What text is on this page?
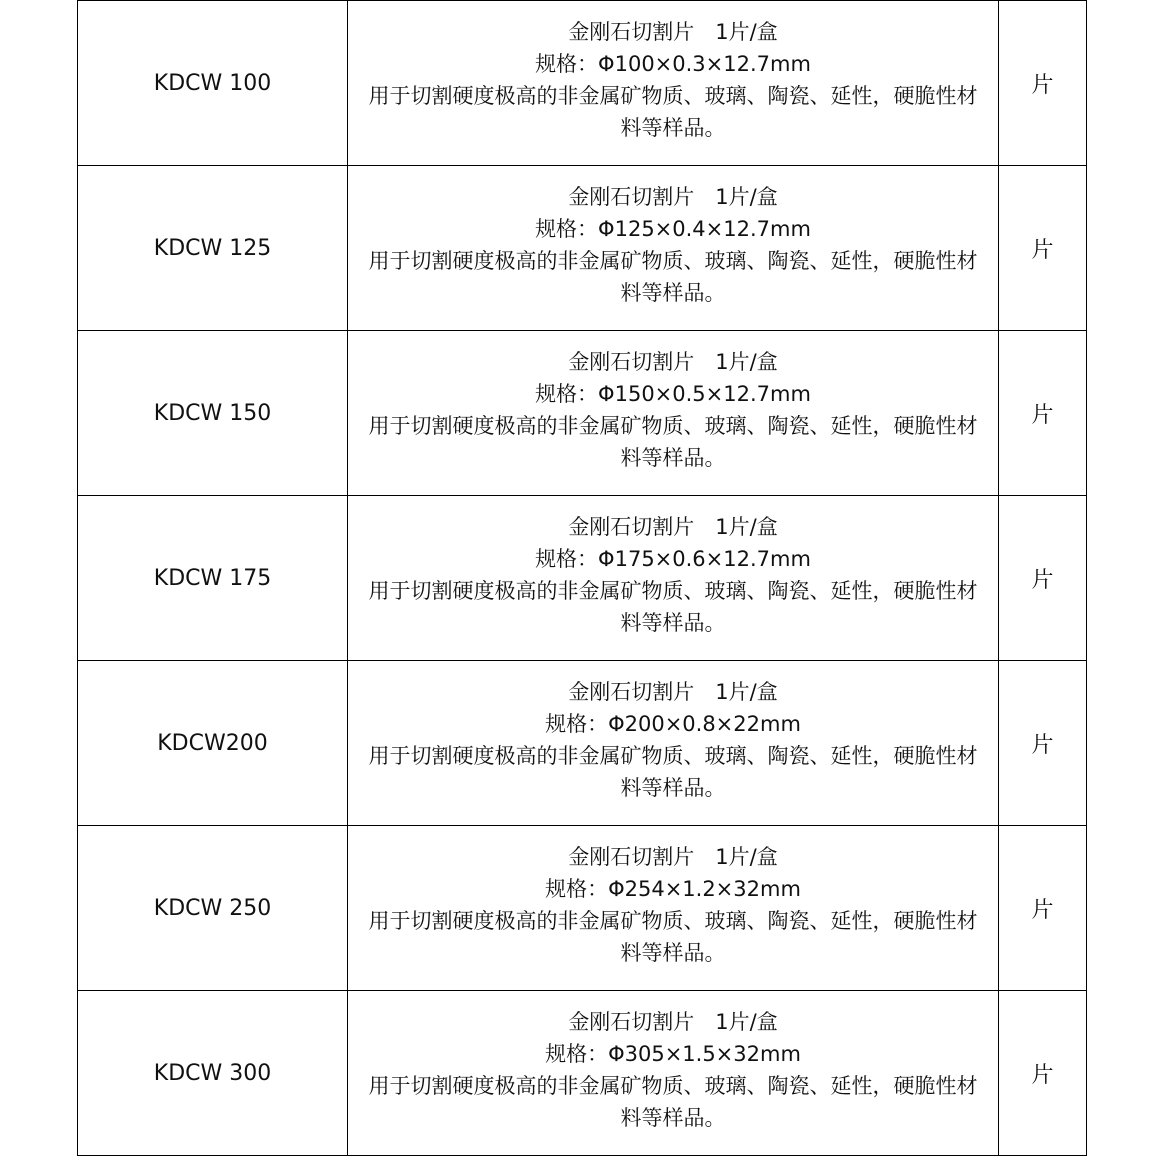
KDCW 100	金刚石切割片　1片/盒
规格：Φ100×0.3×12.7mm
用于切割硬度极高的非金属矿物质、玻璃、陶瓷、延性，硬脆性材料等样品。	片
KDCW 125	金刚石切割片　1片/盒
规格：Φ125×0.4×12.7mm
用于切割硬度极高的非金属矿物质、玻璃、陶瓷、延性，硬脆性材料等样品。	片
KDCW 150	金刚石切割片　1片/盒
规格：Φ150×0.5×12.7mm
用于切割硬度极高的非金属矿物质、玻璃、陶瓷、延性，硬脆性材料等样品。	片
KDCW 175	金刚石切割片　1片/盒
规格：Φ175×0.6×12.7mm
用于切割硬度极高的非金属矿物质、玻璃、陶瓷、延性，硬脆性材料等样品。	片
KDCW200	金刚石切割片　1片/盒
规格：Φ200×0.8×22mm
用于切割硬度极高的非金属矿物质、玻璃、陶瓷、延性，硬脆性材料等样品。	片
KDCW 250	金刚石切割片　1片/盒
规格：Φ254×1.2×32mm
用于切割硬度极高的非金属矿物质、玻璃、陶瓷、延性，硬脆性材料等样品。	片
KDCW 300	金刚石切割片　1片/盒
规格：Φ305×1.5×32mm
用于切割硬度极高的非金属矿物质、玻璃、陶瓷、延性，硬脆性材料等样品。	片
